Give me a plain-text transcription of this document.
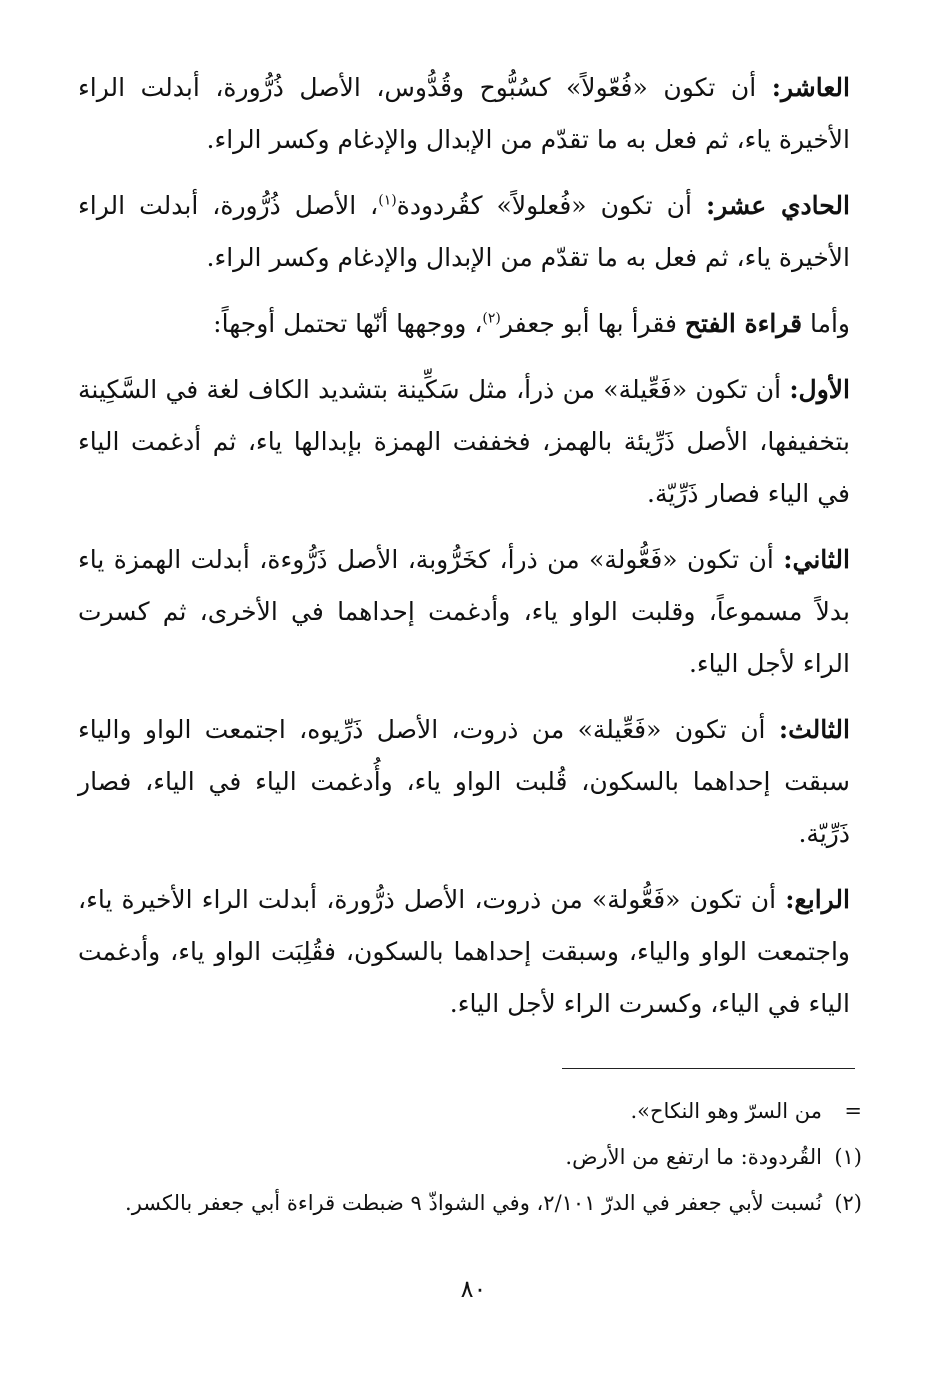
العاشر: أن تكون «فُعّولاً» كسُبُّوح وقُدُّوس، الأصل ذُرُّورة، أبدلت الراء الأخيرة ياء، ثم فعل به ما تقدّم من الإبدال والإدغام وكسر الراء.

الحادي عشر: أن تكون «فُعلولاً» كقُردودة$^{(١)}$، الأصل ذُرُّورة، أبدلت الراء الأخيرة ياء، ثم فعل به ما تقدّم من الإبدال والإدغام وكسر الراء.

وأما قراءة الفتح فقرأ بها أبو جعفر$^{(٢)}$، ووجهها أنّها تحتمل أوجهاً:

الأول: أن تكون «فَعِّيلة» من ذرأ، مثل سَكِّينة بتشديد الكاف لغة في السَّكِينة بتخفيفها، الأصل ذَرِّيئة بالهمز، فخففت الهمزة بإبدالها ياء، ثم أدغمت الياء في الياء فصار ذَرِّيّة.

الثاني: أن تكون «فَعُّولة» من ذرأ، كخَرُّوبة، الأصل ذَرُّوءة، أبدلت الهمزة ياء بدلاً مسموعاً، وقلبت الواو ياء، وأدغمت إحداهما في الأخرى، ثم كسرت الراء لأجل الياء.

الثالث: أن تكون «فَعِّيلة» من ذروت، الأصل ذَرِّيوه، اجتمعت الواو والياء سبقت إحداهما بالسكون، قُلبت الواو ياء، وأُدغمت الياء في الياء، فصار ذَرِّيّة.

الرابع: أن تكون «فَعُّولة» من ذروت، الأصل ذرُّورة، أبدلت الراء الأخيرة ياء، واجتمعت الواو والياء، وسبقت إحداهما بالسكون، فقُلِبَت الواو ياء، وأدغمت الياء في الياء، وكسرت الراء لأجل الياء.

=
من السرّ وهو النكاح».
(١)
القُردودة: ما ارتفع من الأرض.
(٢)
نُسبت لأبي جعفر في الدرّ ٢/١٠١، وفي الشواذّ ٩ ضبطت قراءة أبي جعفر بالكسر.
٨٠
